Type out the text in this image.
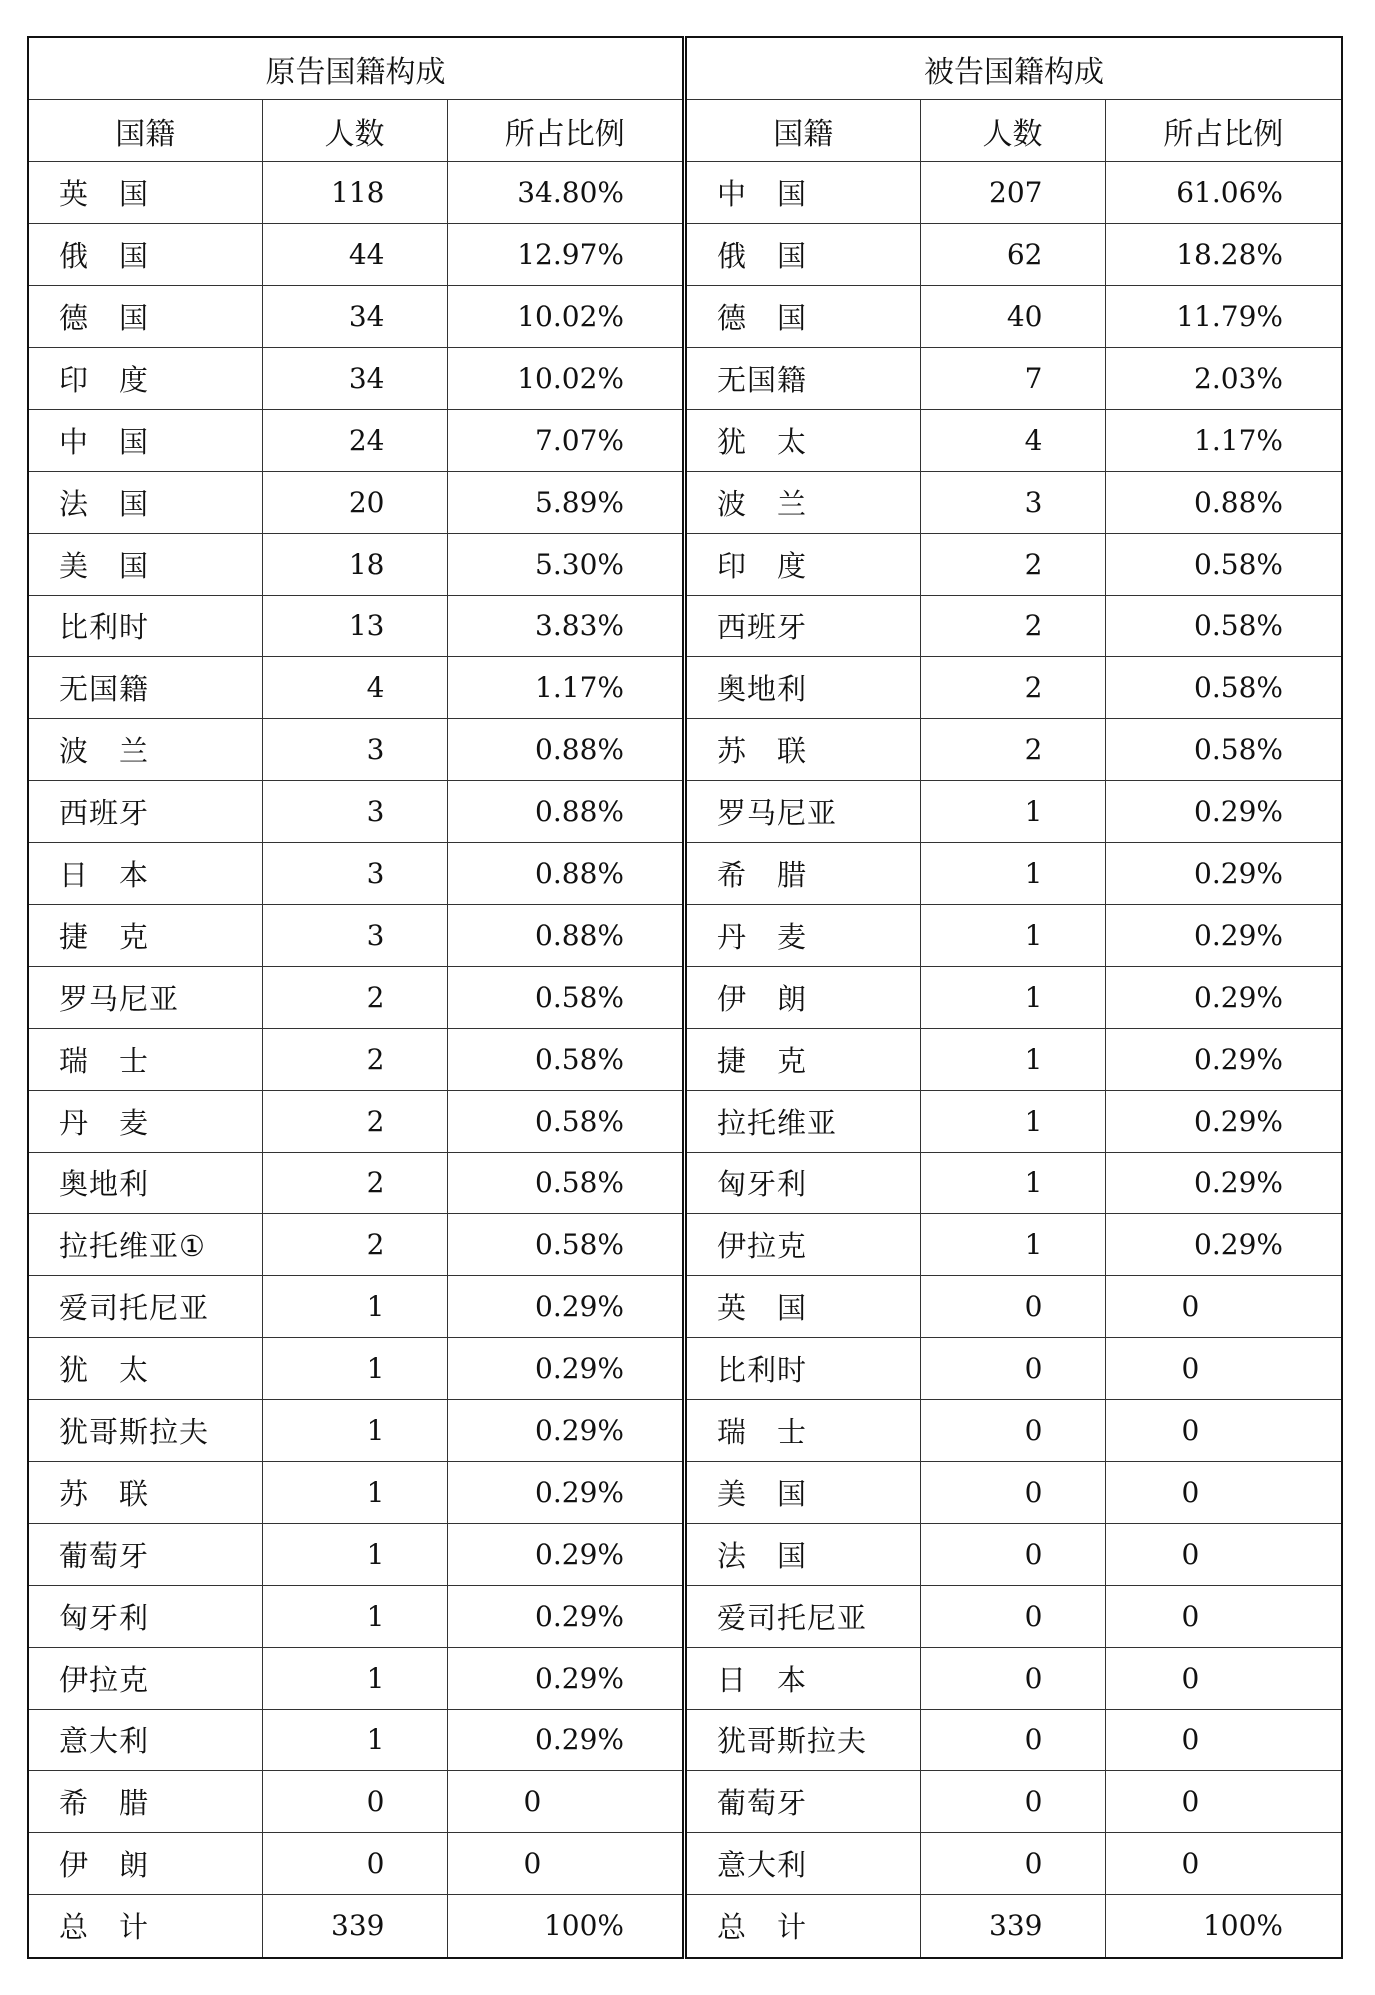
原告国籍构成		
国籍	人数	所占比例
英　国	118	34.80%
俄　国	44	12.97%
德　国	34	10.02%
印　度	34	10.02%
中　国	24	7.07%
法　国	20	5.89%
美　国	18	5.30%
比利时	13	3.83%
无国籍	4	1.17%
波　兰	3	0.88%
西班牙	3	0.88%
日　本	3	0.88%
捷　克	3	0.88%
罗马尼亚	2	0.58%
瑞　士	2	0.58%
丹　麦	2	0.58%
奥地利	2	0.58%
拉托维亚①	2	0.58%
爱司托尼亚	1	0.29%
犹　太	1	0.29%
犹哥斯拉夫	1	0.29%
苏　联	1	0.29%
葡萄牙	1	0.29%
匈牙利	1	0.29%
伊拉克	1	0.29%
意大利	1	0.29%
希　腊	0	0
伊　朗	0	0
总　计	339	100%
被告国籍构成		
国籍	人数	所占比例
中　国	207	61.06%
俄　国	62	18.28%
德　国	40	11.79%
无国籍	7	2.03%
犹　太	4	1.17%
波　兰	3	0.88%
印　度	2	0.58%
西班牙	2	0.58%
奥地利	2	0.58%
苏　联	2	0.58%
罗马尼亚	1	0.29%
希　腊	1	0.29%
丹　麦	1	0.29%
伊　朗	1	0.29%
捷　克	1	0.29%
拉托维亚	1	0.29%
匈牙利	1	0.29%
伊拉克	1	0.29%
英　国	0	0
比利时	0	0
瑞　士	0	0
美　国	0	0
法　国	0	0
爱司托尼亚	0	0
日　本	0	0
犹哥斯拉夫	0	0
葡萄牙	0	0
意大利	0	0
总　计	339	100%
